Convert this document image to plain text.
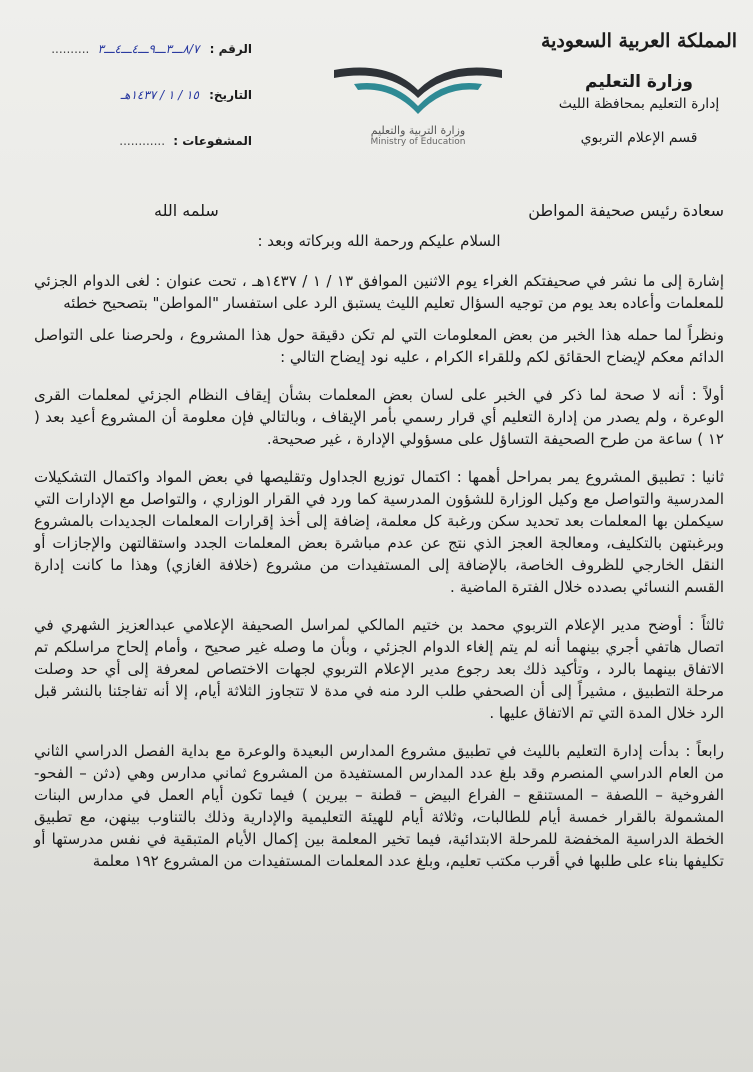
المملكة العربية السعودية
وزارة التعليم
إدارة التعليم بمحافظة الليث
قسم الإعلام التربوي
وزارة التربية والتعليم
Ministry of Education
الرقم : ٨/٧ـــ٣ـــ٩ـــ٤ـــ٤ـــ٣ ..........
التاريخ: ١٥ / ١ / ١٤٣٧هـ
المشفوعات : ............
سعادة رئيس صحيفة المواطن
سلمه الله
السلام عليكم ورحمة الله وبركاته وبعد :

إشارة إلى ما نشر في صحيفتكم الغراء يوم الاثنين الموافق ١٣ / ١ / ١٤٣٧هـ ، تحت عنوان : لغى الدوام الجزئي للمعلمات وأعاده بعد يوم من توجيه السؤال تعليم الليث يستبق الرد على استفسار "المواطن" بتصحيح خطئه

ونظراً لما حمله هذا الخبر من بعض المعلومات التي لم تكن دقيقة حول هذا المشروع ، ولحرصنا على التواصل الدائم معكم لإيضاح الحقائق لكم وللقراء الكرام ، عليه نود إيضاح التالي :

أولاً : أنه لا صحة لما ذكر في الخبر على لسان بعض المعلمات بشأن إيقاف النظام الجزئي لمعلمات القرى الوعرة ، ولم يصدر من إدارة التعليم أي قرار رسمي بأمر الإيقاف ، وبالتالي فإن معلومة أن المشروع أعيد بعد ( ١٢ ) ساعة من طرح الصحيفة التساؤل على مسؤولي الإدارة ، غير صحيحة.

ثانيا : تطبيق المشروع يمر بمراحل أهمها : اكتمال توزيع الجداول وتقليصها في بعض المواد واكتمال التشكيلات المدرسية والتواصل مع وكيل الوزارة للشؤون المدرسية كما ورد في القرار الوزاري ، والتواصل مع الإدارات التي سيكملن بها المعلمات بعد تحديد سكن ورغبة كل معلمة، إضافة إلى أخذ إقرارات المعلمات الجديدات بالمشروع وبرغبتهن بالتكليف، ومعالجة العجز الذي نتج عن عدم مباشرة بعض المعلمات الجدد واستقالتهن والإجازات أو النقل الخارجي للظروف الخاصة، بالإضافة إلى المستفيدات من مشروع (خلافة الغازي) وهذا ما كانت إدارة القسم النسائي بصدده خلال الفترة الماضية .

ثالثاً : أوضح مدير الإعلام التربوي محمد بن ختيم المالكي لمراسل الصحيفة الإعلامي عبدالعزيز الشهري في اتصال هاتفي أجري بينهما أنه لم يتم إلغاء الدوام الجزئي ، وبأن ما وصله غير صحيح ، وأمام إلحاح مراسلكم تم الاتفاق بينهما بالرد ، وتأكيد ذلك بعد رجوع مدير الإعلام التربوي لجهات الاختصاص لمعرفة إلى أي حد وصلت مرحلة التطبيق ، مشيراً إلى أن الصحفي طلب الرد منه في مدة لا تتجاوز الثلاثة أيام، إلا أنه تفاجئنا بالنشر قبل الرد خلال المدة التي تم الاتفاق عليها .

رابعاً : بدأت إدارة التعليم بالليث في تطبيق مشروع المدارس البعيدة والوعرة مع بداية الفصل الدراسي الثاني من العام الدراسي المنصرم وقد بلغ عدد المدارس المستفيدة من المشروع ثماني مدارس وهي (دثن – الفحو- الفروخية – اللصفة – المستنقع – الفراع البيض – قطنة – بيرين ) فيما تكون أيام العمل في مدارس البنات المشمولة بالقرار خمسة أيام للطالبات، وثلاثة أيام للهيئة التعليمية والإدارية وذلك بالتناوب بينهن، مع تطبيق الخطة الدراسية المخفضة للمرحلة الابتدائية، فيما تخير المعلمة بين إكمال الأيام المتبقية في نفس مدرستها أو تكليفها بناء على طلبها في أقرب مكتب تعليم، وبلغ عدد المعلمات المستفيدات من المشروع ١٩٢ معلمة
